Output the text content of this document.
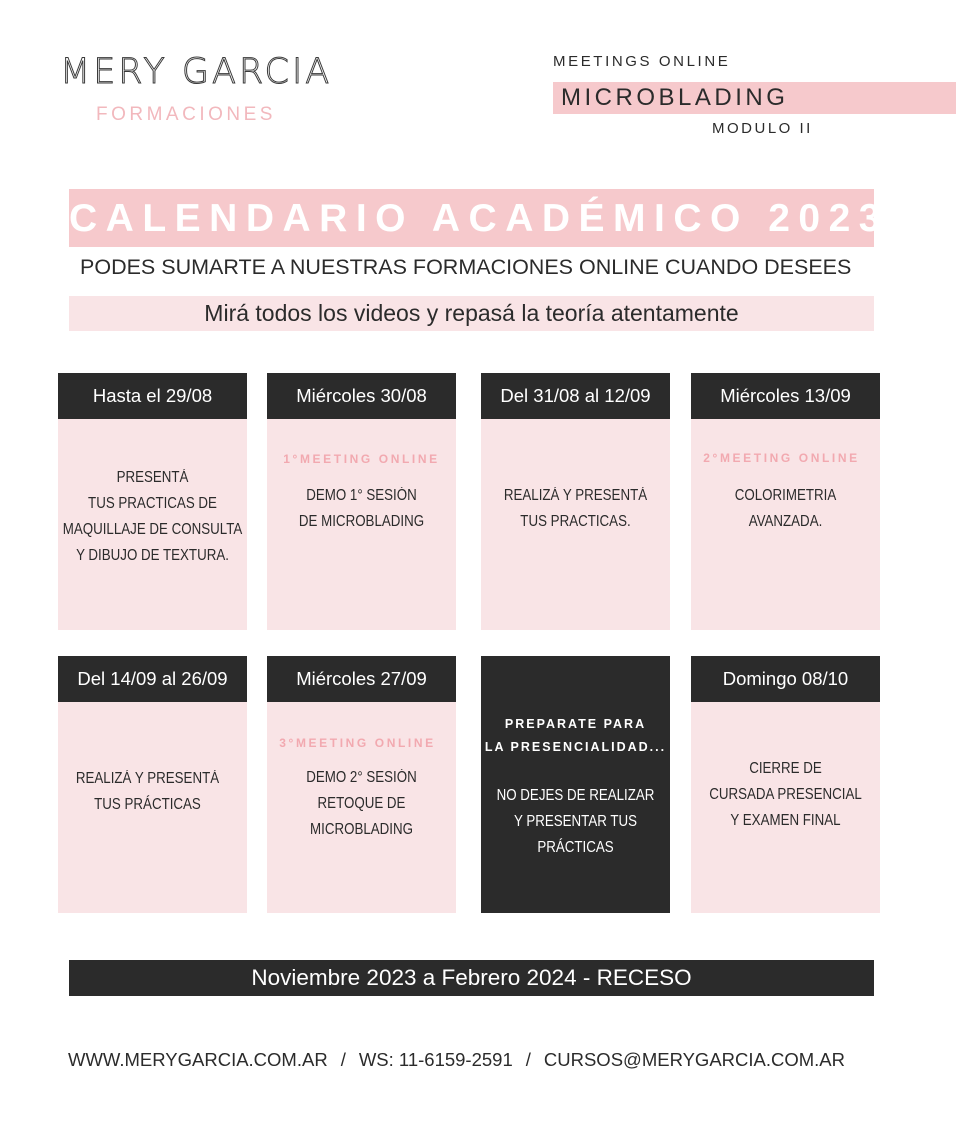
MERY GARCIA
FORMACIONES
MEETINGS ONLINE
MICROBLADING
MODULO II
CALENDARIO ACADÉMICO 2023
PODES SUMARTE A NUESTRAS FORMACIONES ONLINE CUANDO DESEES
Mirá todos los videos y repasá la teoría atentamente
Hasta el 29/08
PRESENTÁ
TUS PRACTICAS DE
MAQUILLAJE DE CONSULTA
Y DIBUJO DE TEXTURA.
Miércoles 30/08
1°MEETING ONLINE
DEMO 1° SESIÓN
DE MICROBLADING
Del 31/08 al 12/09
REALIZÁ Y PRESENTÁ
TUS PRACTICAS.
Miércoles 13/09
2°MEETING ONLINE
COLORIMETRIA
AVANZADA.
Del 14/09 al 26/09
REALIZÁ Y PRESENTÁ
TUS PRÁCTICAS
Miércoles 27/09
3°MEETING ONLINE
DEMO 2° SESIÓN
RETOQUE DE
MICROBLADING
PREPARATE PARA
LA PRESENCIALIDAD...
NO DEJES DE REALIZAR
Y PRESENTAR TUS
PRÁCTICAS
Domingo 08/10
CIERRE DE
CURSADA PRESENCIAL
Y EXAMEN FINAL
Noviembre 2023 a Febrero 2024 - RECESO
WWW.MERYGARCIA.COM.AR / WS: 11-6159-2591 / CURSOS@MERYGARCIA.COM.AR
